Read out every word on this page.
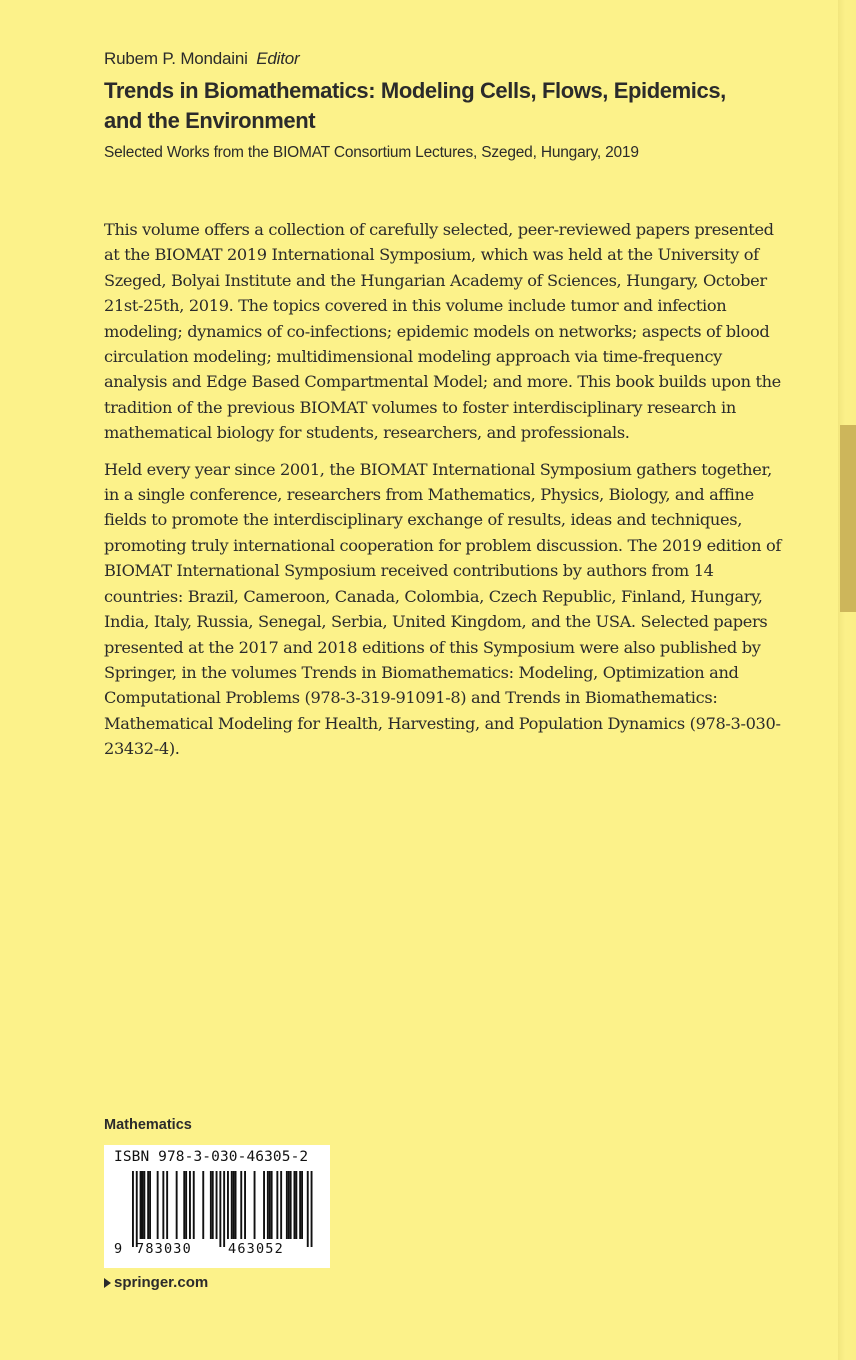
Rubem P. Mondaini Editor
Trends in Biomathematics: Modeling Cells, Flows, Epidemics,
and the Environment
Selected Works from the BIOMAT Consortium Lectures, Szeged, Hungary, 2019

This volume offers a collection of carefully selected, peer-reviewed papers presented at the BIOMAT 2019 International Symposium, which was held at the University of Szeged, Bolyai Institute and the Hungarian Academy of Sciences, Hungary, October 21st-25th, 2019. The topics covered in this volume include tumor and infection modeling; dynamics of co-infections; epidemic models on networks; aspects of blood circulation modeling; multidimensional modeling approach via time-frequency analysis and Edge Based Compartmental Model; and more. This book builds upon the tradition of the previous BIOMAT volumes to foster interdisciplinary research in mathematical biology for students, researchers, and professionals.

Held every year since 2001, the BIOMAT International Symposium gathers together, in a single conference, researchers from Mathematics, Physics, Biology, and affine fields to promote the interdisciplinary exchange of results, ideas and techniques, promoting truly international cooperation for problem discussion. The 2019 edition of BIOMAT International Symposium received contributions by authors from 14 countries: Brazil, Cameroon, Canada, Colombia, Czech Republic, Finland, Hungary, India, Italy, Russia, Senegal, Serbia, United Kingdom, and the USA. Selected papers presented at the 2017 and 2018 editions of this Symposium were also published by Springer, in the volumes Trends in Biomathematics: Modeling, Optimization and Computational Problems (978-3-319-91091-8) and Trends in Biomathematics: Mathematical Modeling for Health, Harvesting, and Population Dynamics (978-3-030-23432-4).

Mathematics
ISBN 978-3-030-46305-2
9 783030	463052
springer.com
